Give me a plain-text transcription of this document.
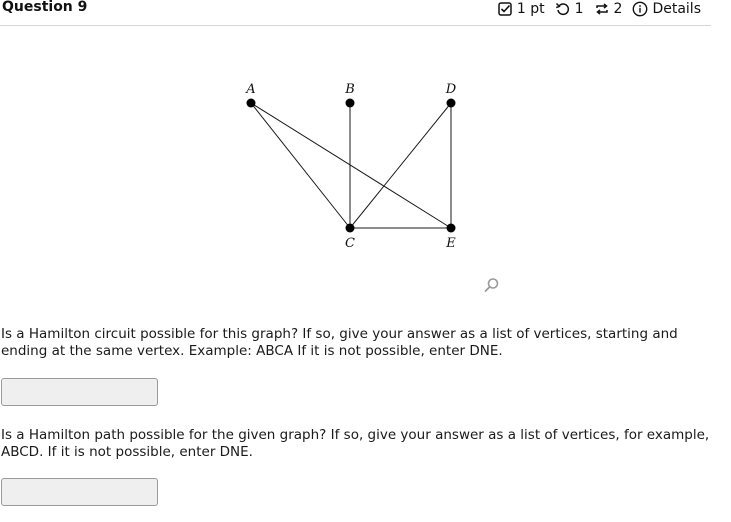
Question 9	1 pt 1 2 Details
A	B	D
C	E
Is a Hamilton circuit possible for this graph? If so, give your answer as a list of vertices, starting and ending at the same vertex. Example: ABCA If it is not possible, enter DNE.
Is a Hamilton path possible for the given graph? If so, give your answer as a list of vertices, for example, ABCD. If it is not possible, enter DNE.
